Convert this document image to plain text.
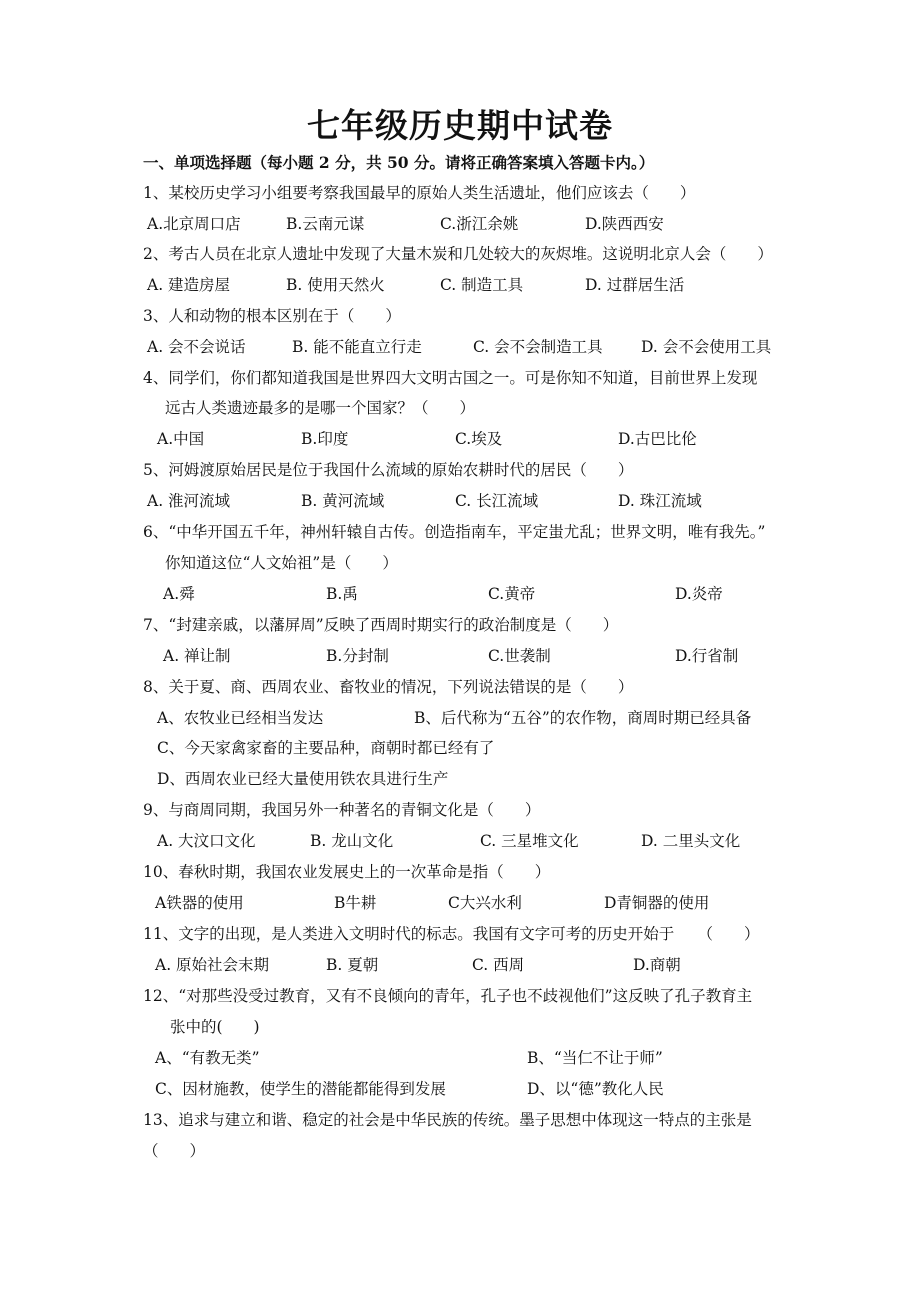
七年级历史期中试卷
一、单项选择题（每小题 2 分，共 50 分。请将正确答案填入答题卡内。）
1、某校历史学习小组要考察我国最早的原始人类生活遗址，他们应该去（　　）
A.北京周口店	B.云南元谋	C.浙江余姚	D.陕西西安
2、考古人员在北京人遗址中发现了大量木炭和几处较大的灰烬堆。这说明北京人会（　　）
A. 建造房屋	B. 使用天然火	C. 制造工具	D. 过群居生活
3、人和动物的根本区别在于（　　）
A. 会不会说话	B. 能不能直立行走	C. 会不会制造工具 D. 会不会使用工具
4、同学们，你们都知道我国是世界四大文明古国之一。可是你知不知道，目前世界上发现
远古人类遗迹最多的是哪一个国家？（　　）
A.中国	B.印度	C.埃及	D.古巴比伦
5、河姆渡原始居民是位于我国什么流域的原始农耕时代的居民（　　）
A. 淮河流域	B. 黄河流域	C. 长江流域	D. 珠江流域
6、“中华开国五千年，神州轩辕自古传。创造指南车，平定蚩尤乱；世界文明，唯有我先。”
你知道这位“人文始祖”是（　　）
A.舜	B.禹	C.黄帝	D.炎帝
7、“封建亲戚，以藩屏周”反映了西周时期实行的政治制度是（　　）
A. 禅让制	B.分封制	C.世袭制	D.行省制
8、关于夏、商、西周农业、畜牧业的情况，下列说法错误的是（　　）
A、农牧业已经相当发达	B、后代称为“五谷”的农作物，商周时期已经具备
C、今天家禽家畜的主要品种，商朝时都已经有了
D、西周农业已经大量使用铁农具进行生产
9、与商周同期，我国另外一种著名的青铜文化是（　　）
A. 大汶口文化	B. 龙山文化	C. 三星堆文化	D. 二里头文化
10、春秋时期，我国农业发展史上的一次革命是指（　　）
A铁器的使用	B牛耕	C大兴水利	D青铜器的使用
11、文字的出现，是人类进入文明时代的标志。我国有文字可考的历史开始于　　（　　）
A. 原始社会末期	B. 夏朝	C. 西周	D.商朝
12、“对那些没受过教育，又有不良倾向的青年，孔子也不歧视他们”这反映了孔子教育主
张中的(　　)
A、“有教无类”	B、“当仁不让于师”
C、因材施教，使学生的潜能都能得到发展	D、以“德”教化人民
13、追求与建立和谐、稳定的社会是中华民族的传统。墨子思想中体现这一特点的主张是
（　　）
